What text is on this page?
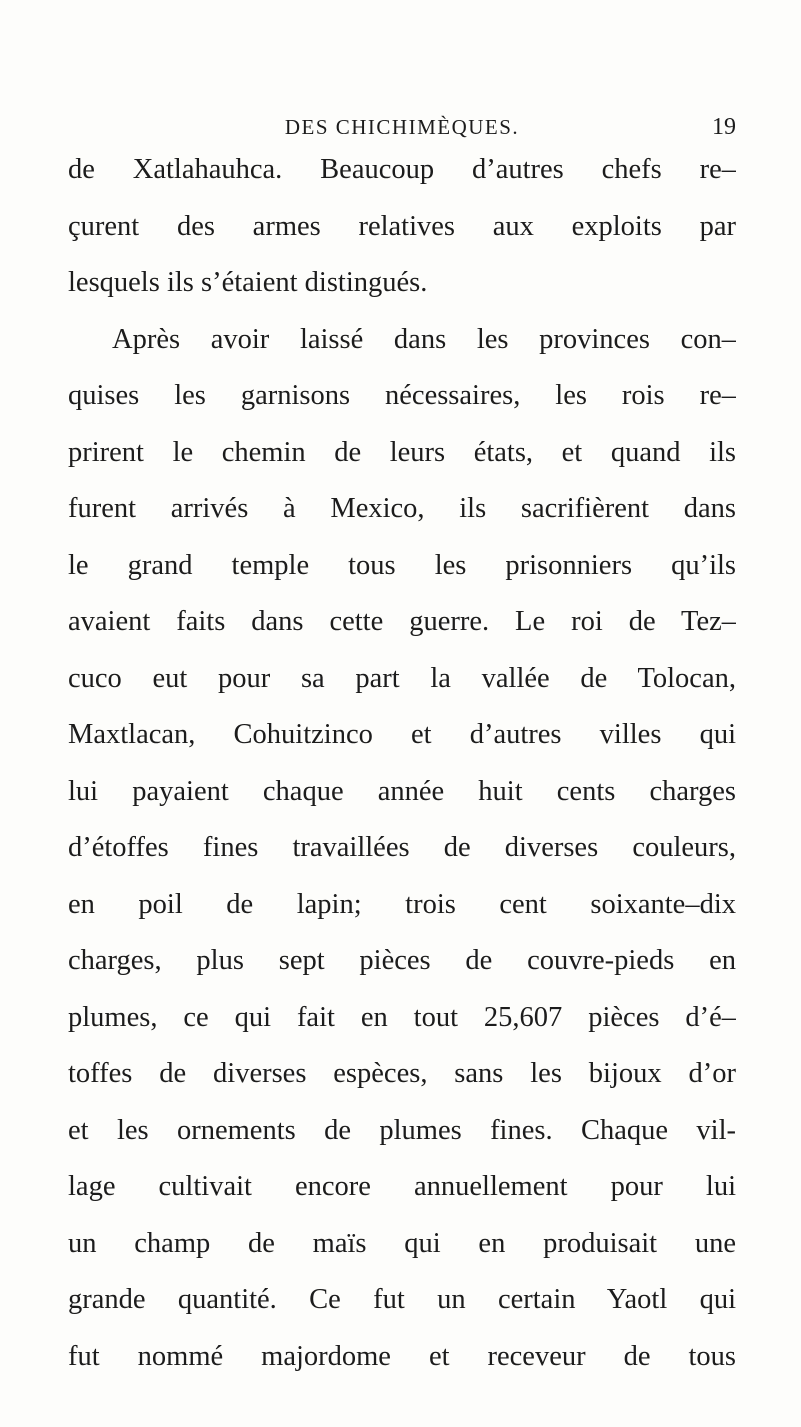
DES CHICHIMÈQUES.	19
de Xatlahauhca. Beaucoup d’autres chefs re–
çurent des armes relatives aux exploits par
lesquels ils s’étaient distingués.
Après avoir laissé dans les provinces con–
quises les garnisons nécessaires, les rois re–
prirent le chemin de leurs états, et quand ils
furent arrivés à Mexico, ils sacrifièrent dans
le grand temple tous les prisonniers qu’ils
avaient faits dans cette guerre. Le roi de Tez–
cuco eut pour sa part la vallée de Tolocan,
Maxtlacan, Cohuitzinco et d’autres villes qui
lui payaient chaque année huit cents charges
d’étoffes fines travaillées de diverses couleurs,
en poil de lapin; trois cent soixante–dix
charges, plus sept pièces de couvre-pieds en
plumes, ce qui fait en tout 25,607 pièces d’é–
toffes de diverses espèces, sans les bijoux d’or
et les ornements de plumes fines. Chaque vil-
lage cultivait encore annuellement pour lui
un champ de maïs qui en produisait une
grande quantité. Ce fut un certain Yaotl qui
fut nommé majordome et receveur de tous
